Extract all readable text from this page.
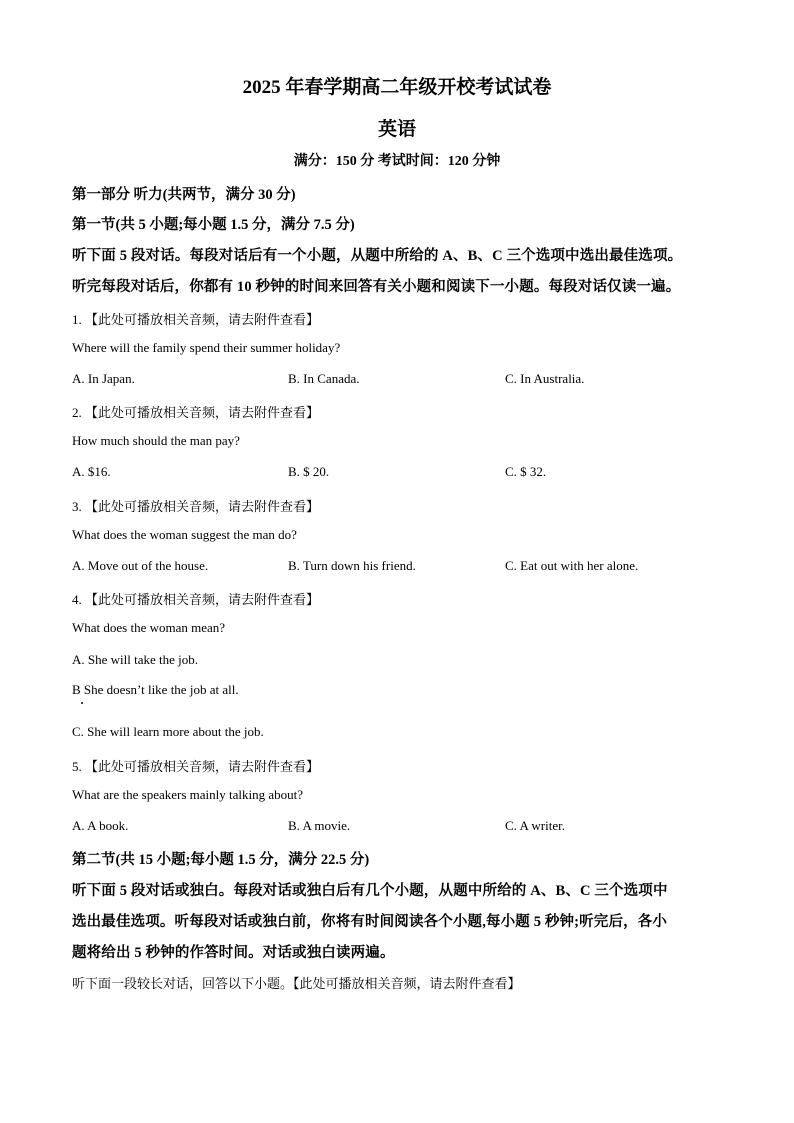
2025 年春学期高二年级开校考试试卷
英语
满分：150 分 考试时间：120 分钟
第一部分 听力(共两节，满分 30 分)
第一节(共 5 小题;每小题 1.5 分，满分 7.5 分)
听下面 5 段对话。每段对话后有一个小题，从题中所给的 A、B、C 三个选项中选出最佳选项。
听完每段对话后，你都有 10 秒钟的时间来回答有关小题和阅读下一小题。每段对话仅读一遍。
1. 【此处可播放相关音频，请去附件查看】
Where will the family spend their summer holiday?
A. In Japan.	B. In Canada.	C. In Australia.
2. 【此处可播放相关音频，请去附件查看】
How much should the man pay?
A. $16.	B. $ 20.	C. $ 32.
3. 【此处可播放相关音频，请去附件查看】
What does the woman suggest the man do?
A. Move out of the house.	B. Turn down his friend.	C. Eat out with her alone.
4. 【此处可播放相关音频，请去附件查看】
What does the woman mean?
A. She will take the job.
B She doesn’t like the job at all.
C. She will learn more about the job.
5. 【此处可播放相关音频，请去附件查看】
What are the speakers mainly talking about?
A. A book.	B. A movie.	C. A writer.
第二节(共 15 小题;每小题 1.5 分，满分 22.5 分)
听下面 5 段对话或独白。每段对话或独白后有几个小题，从题中所给的 A、B、C 三个选项中
选出最佳选项。听每段对话或独白前，你将有时间阅读各个小题,每小题 5 秒钟;听完后，各小
题将给出 5 秒钟的作答时间。对话或独白读两遍。
听下面一段较长对话，回答以下小题。【此处可播放相关音频，请去附件查看】
